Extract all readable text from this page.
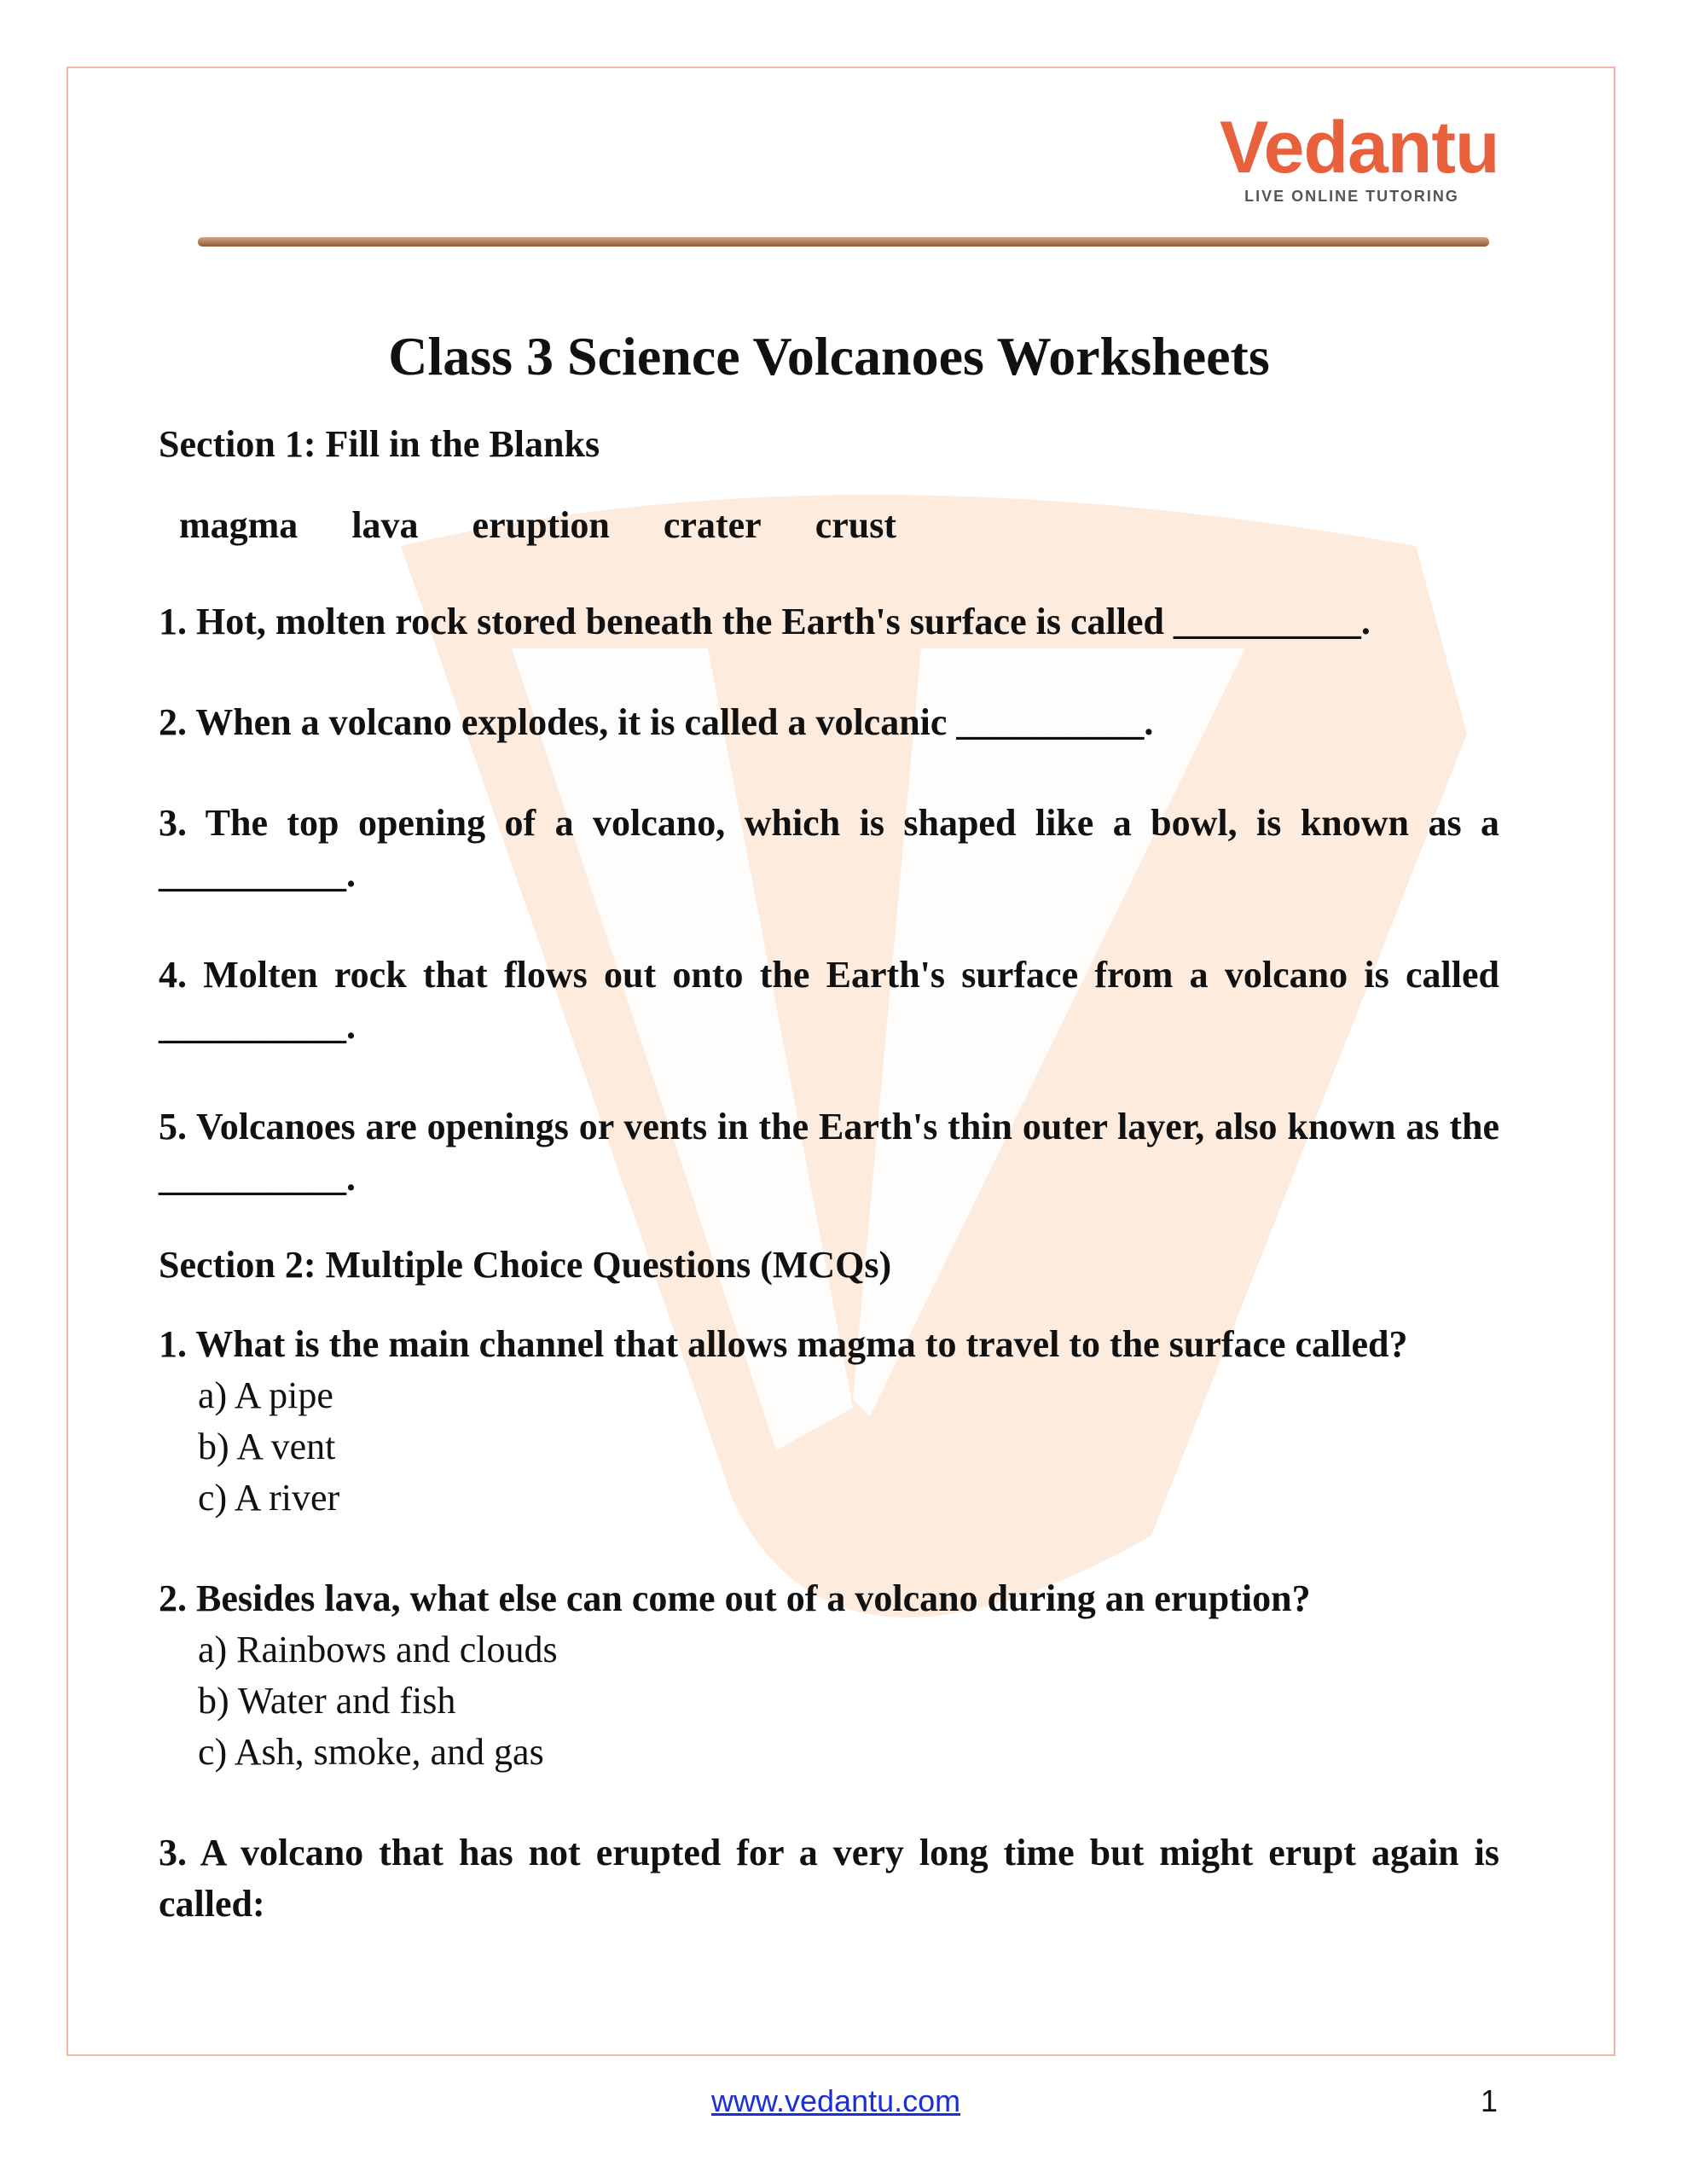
Vedantu
LIVE ONLINE TUTORING
Class 3 Science Volcanoes Worksheets
Section 1: Fill in the Blanks
magma lava eruption crater crust
1. Hot, molten rock stored beneath the Earth's surface is called __________.
2. When a volcano explodes, it is called a volcanic __________.
3. The top opening of a volcano, which is shaped like a bowl, is known as a __________.
4. Molten rock that flows out onto the Earth's surface from a volcano is called __________.
5. Volcanoes are openings or vents in the Earth's thin outer layer, also known as the __________.
Section 2: Multiple Choice Questions (MCQs)
1. What is the main channel that allows magma to travel to the surface called?
a) A pipe
b) A vent
c) A river
2. Besides lava, what else can come out of a volcano during an eruption?
a) Rainbows and clouds
b) Water and fish
c) Ash, smoke, and gas
3. A volcano that has not erupted for a very long time but might erupt again is called:
www.vedantu.com	1
